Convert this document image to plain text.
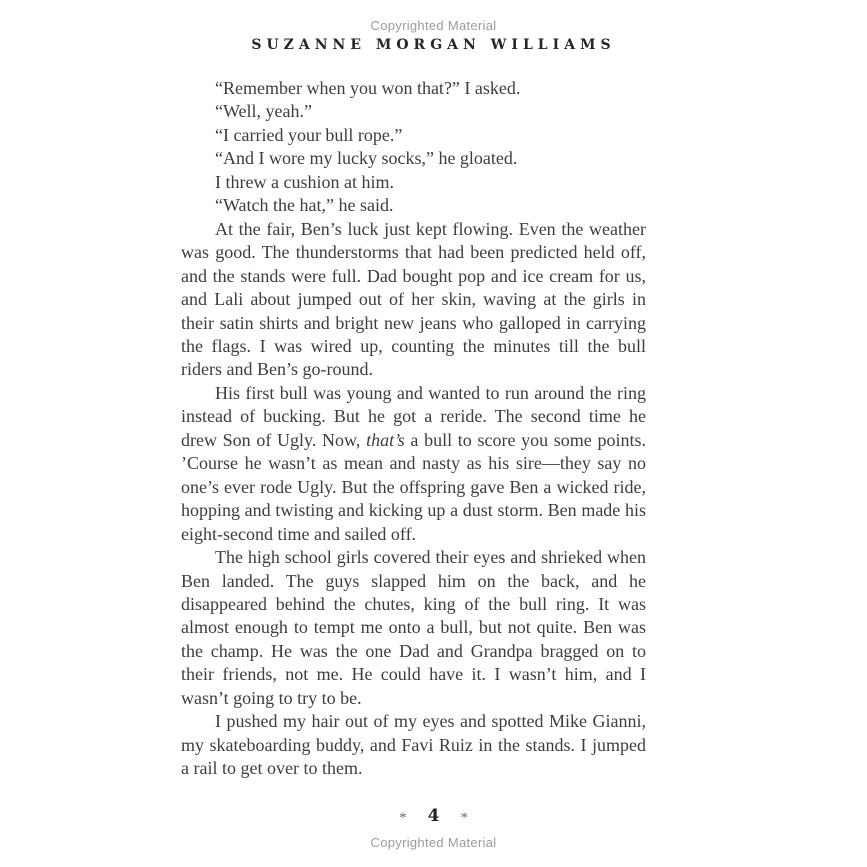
Copyrighted Material
SUZANNE MORGAN WILLIAMS

“Remember when you won that?” I asked.

“Well, yeah.”

“I carried your bull rope.”

“And I wore my lucky socks,” he gloated.

I threw a cushion at him.

“Watch the hat,” he said.

At the fair, Ben’s luck just kept flowing. Even the weather was good. The thunderstorms that had been predicted held off, and the stands were full. Dad bought pop and ice cream for us, and Lali about jumped out of her skin, waving at the girls in their satin shirts and bright new jeans who galloped in carrying the flags. I was wired up, counting the minutes till the bull riders and Ben’s go-round.

His first bull was young and wanted to run around the ring instead of bucking. But he got a reride. The second time he drew Son of Ugly. Now, that’s a bull to score you some points. ’Course he wasn’t as mean and nasty as his sire—they say no one’s ever rode Ugly. But the offspring gave Ben a wicked ride, hopping and twisting and kicking up a dust storm. Ben made his eight-second time and sailed off.

The high school girls covered their eyes and shrieked when Ben landed. The guys slapped him on the back, and he disappeared behind the chutes, king of the bull ring. It was almost enough to tempt me onto a bull, but not quite. Ben was the champ. He was the one Dad and Grandpa bragged on to their friends, not me. He could have it. I wasn’t him, and I wasn’t going to try to be.

I pushed my hair out of my eyes and spotted Mike Gianni, my skateboarding buddy, and Favi Ruiz in the stands. I jumped a rail to get over to them.

* 4 *
Copyrighted Material
